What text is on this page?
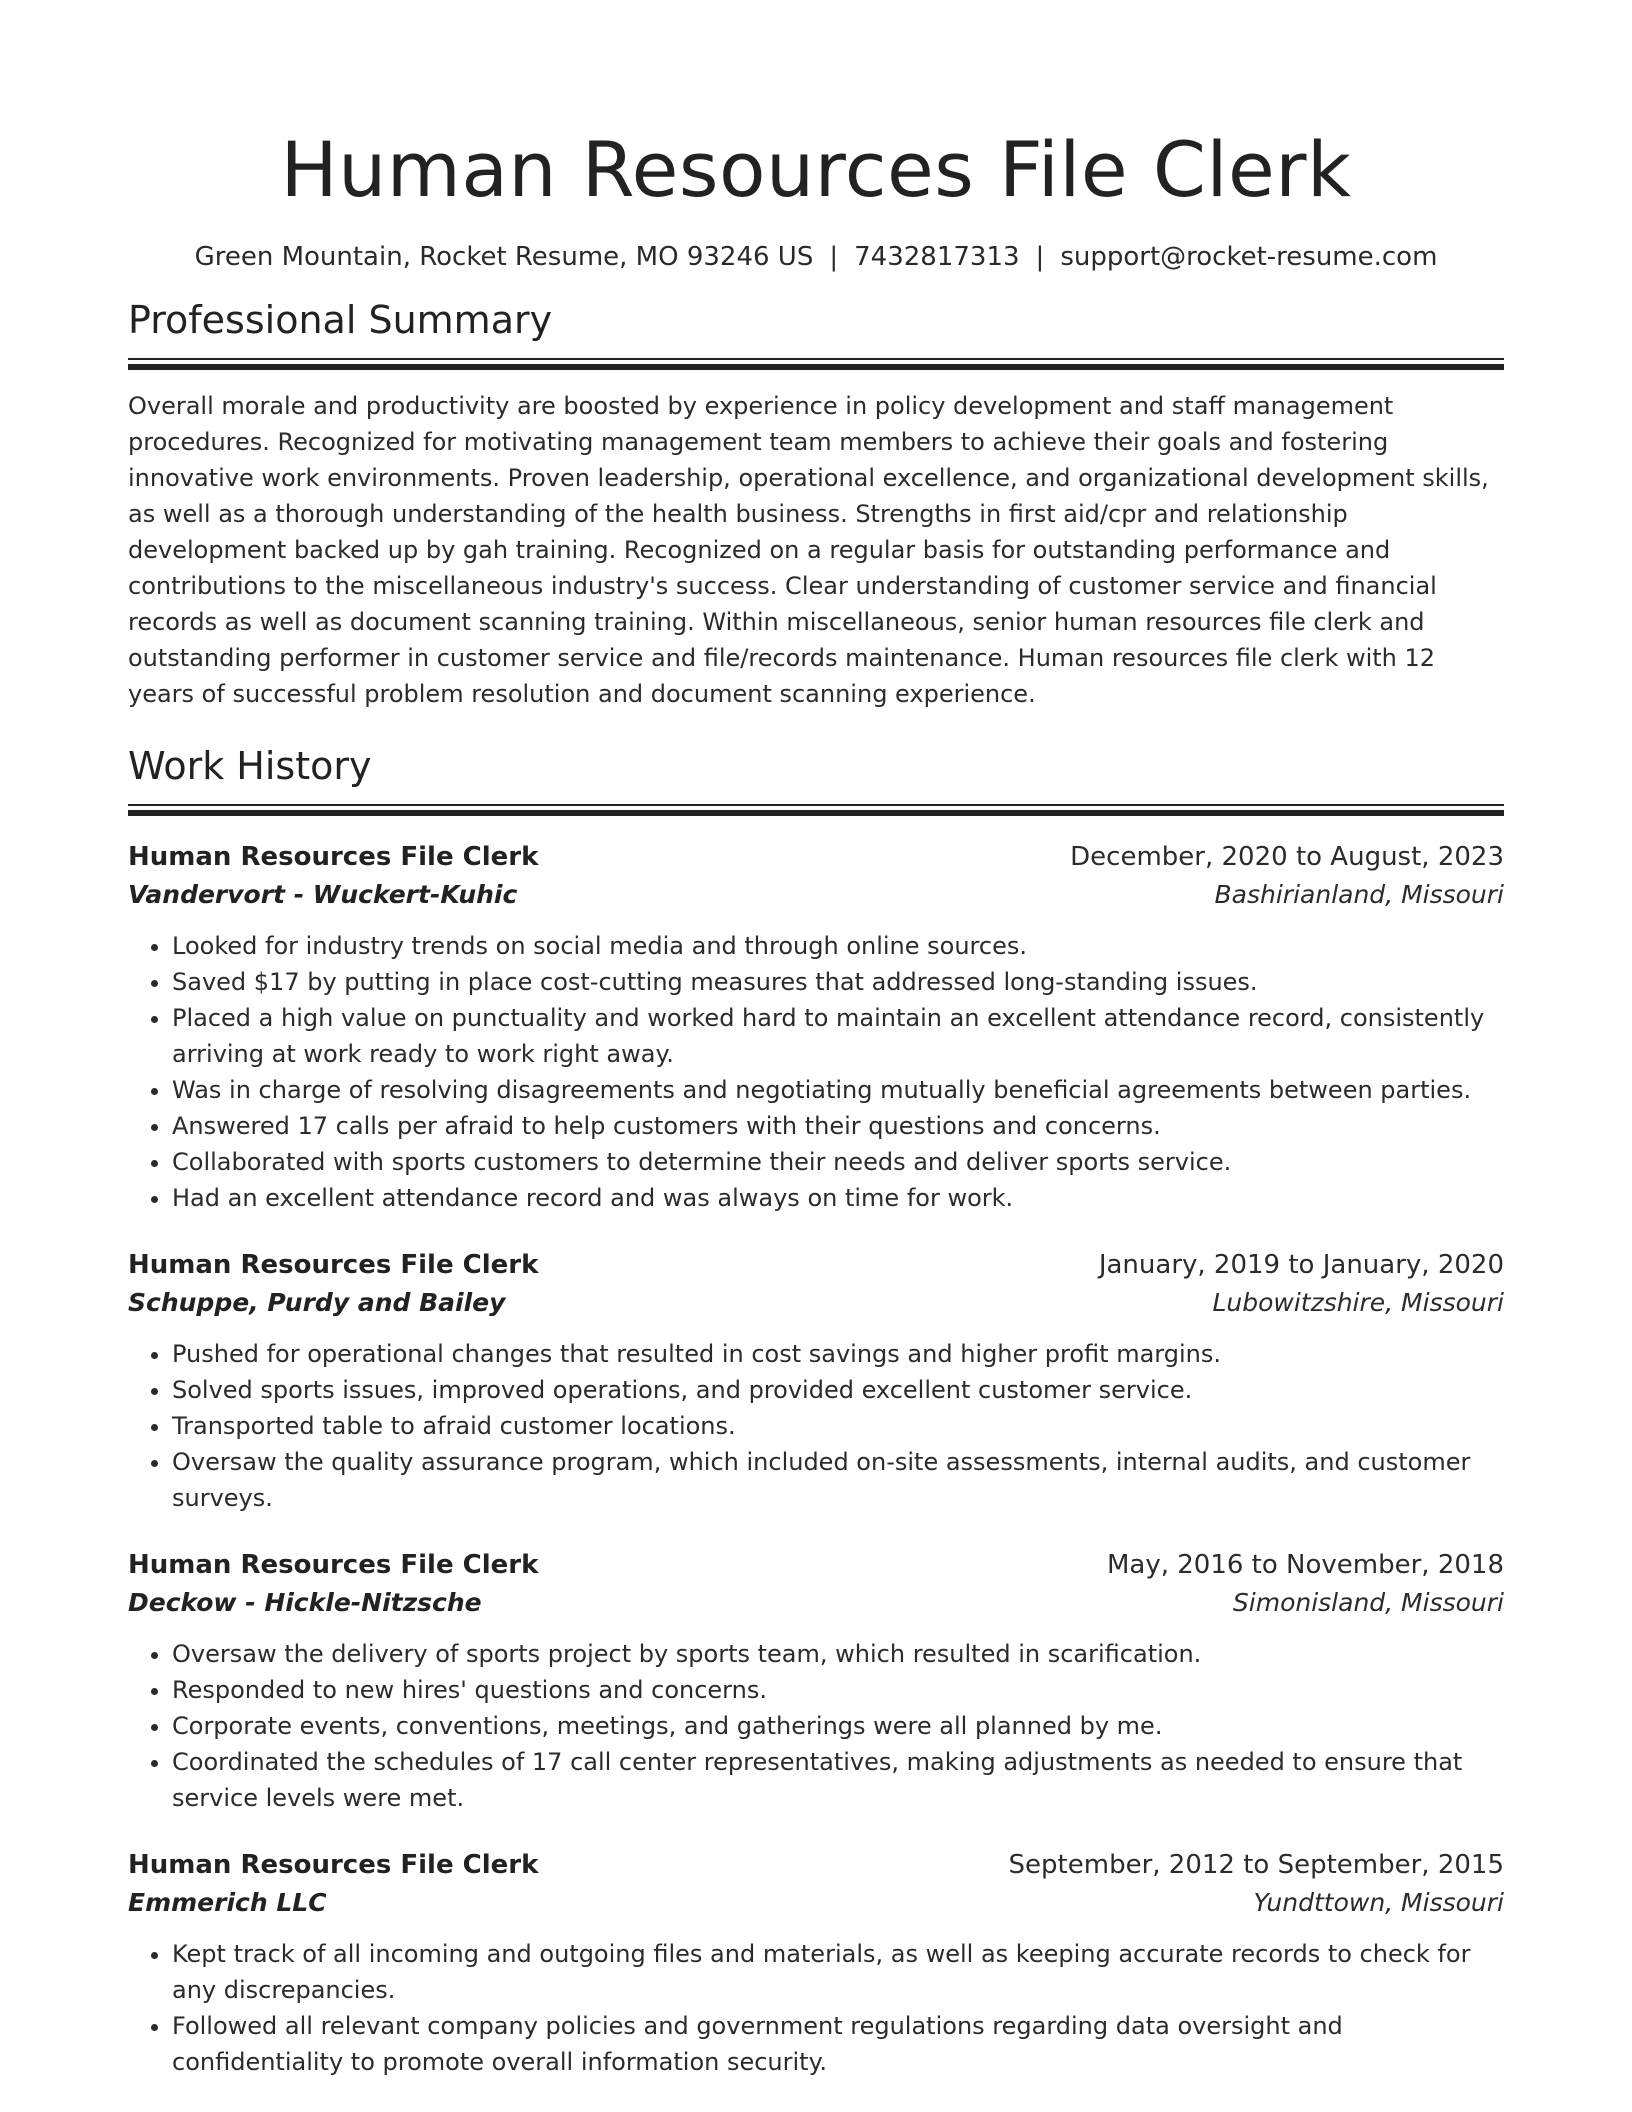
Human Resources File Clerk
Green Mountain, Rocket Resume, MO 93246 US | 7432817313 | support@rocket-resume.com
Professional Summary

Overall morale and productivity are boosted by experience in policy development and staff management procedures. Recognized for motivating management team members to achieve their goals and fostering innovative work environments. Proven leadership, operational excellence, and organizational development skills, as well as a thorough understanding of the health business. Strengths in first aid/cpr and relationship development backed up by gah training. Recognized on a regular basis for outstanding performance and contributions to the miscellaneous industry's success. Clear understanding of customer service and financial records as well as document scanning training. Within miscellaneous, senior human resources file clerk and outstanding performer in customer service and file/records maintenance. Human resources file clerk with 12 years of successful problem resolution and document scanning experience.

Work History
Human Resources File Clerk	December, 2020 to August, 2023
Vandervort - Wuckert-Kuhic	Bashirianland, Missouri
• Looked for industry trends on social media and through online sources.
• Saved $17 by putting in place cost-cutting measures that addressed long-standing issues.
• Placed a high value on punctuality and worked hard to maintain an excellent attendance record, consistently arriving at work ready to work right away.
• Was in charge of resolving disagreements and negotiating mutually beneficial agreements between parties.
• Answered 17 calls per afraid to help customers with their questions and concerns.
• Collaborated with sports customers to determine their needs and deliver sports service.
• Had an excellent attendance record and was always on time for work.
Human Resources File Clerk	January, 2019 to January, 2020
Schuppe, Purdy and Bailey	Lubowitzshire, Missouri
• Pushed for operational changes that resulted in cost savings and higher profit margins.
• Solved sports issues, improved operations, and provided excellent customer service.
• Transported table to afraid customer locations.
• Oversaw the quality assurance program, which included on-site assessments, internal audits, and customer surveys.
Human Resources File Clerk	May, 2016 to November, 2018
Deckow - Hickle-Nitzsche	Simonisland, Missouri
• Oversaw the delivery of sports project by sports team, which resulted in scarification.
• Responded to new hires' questions and concerns.
• Corporate events, conventions, meetings, and gatherings were all planned by me.
• Coordinated the schedules of 17 call center representatives, making adjustments as needed to ensure that service levels were met.
Human Resources File Clerk	September, 2012 to September, 2015
Emmerich LLC	Yundttown, Missouri
• Kept track of all incoming and outgoing files and materials, as well as keeping accurate records to check for any discrepancies.
• Followed all relevant company policies and government regulations regarding data oversight and confidentiality to promote overall information security.
